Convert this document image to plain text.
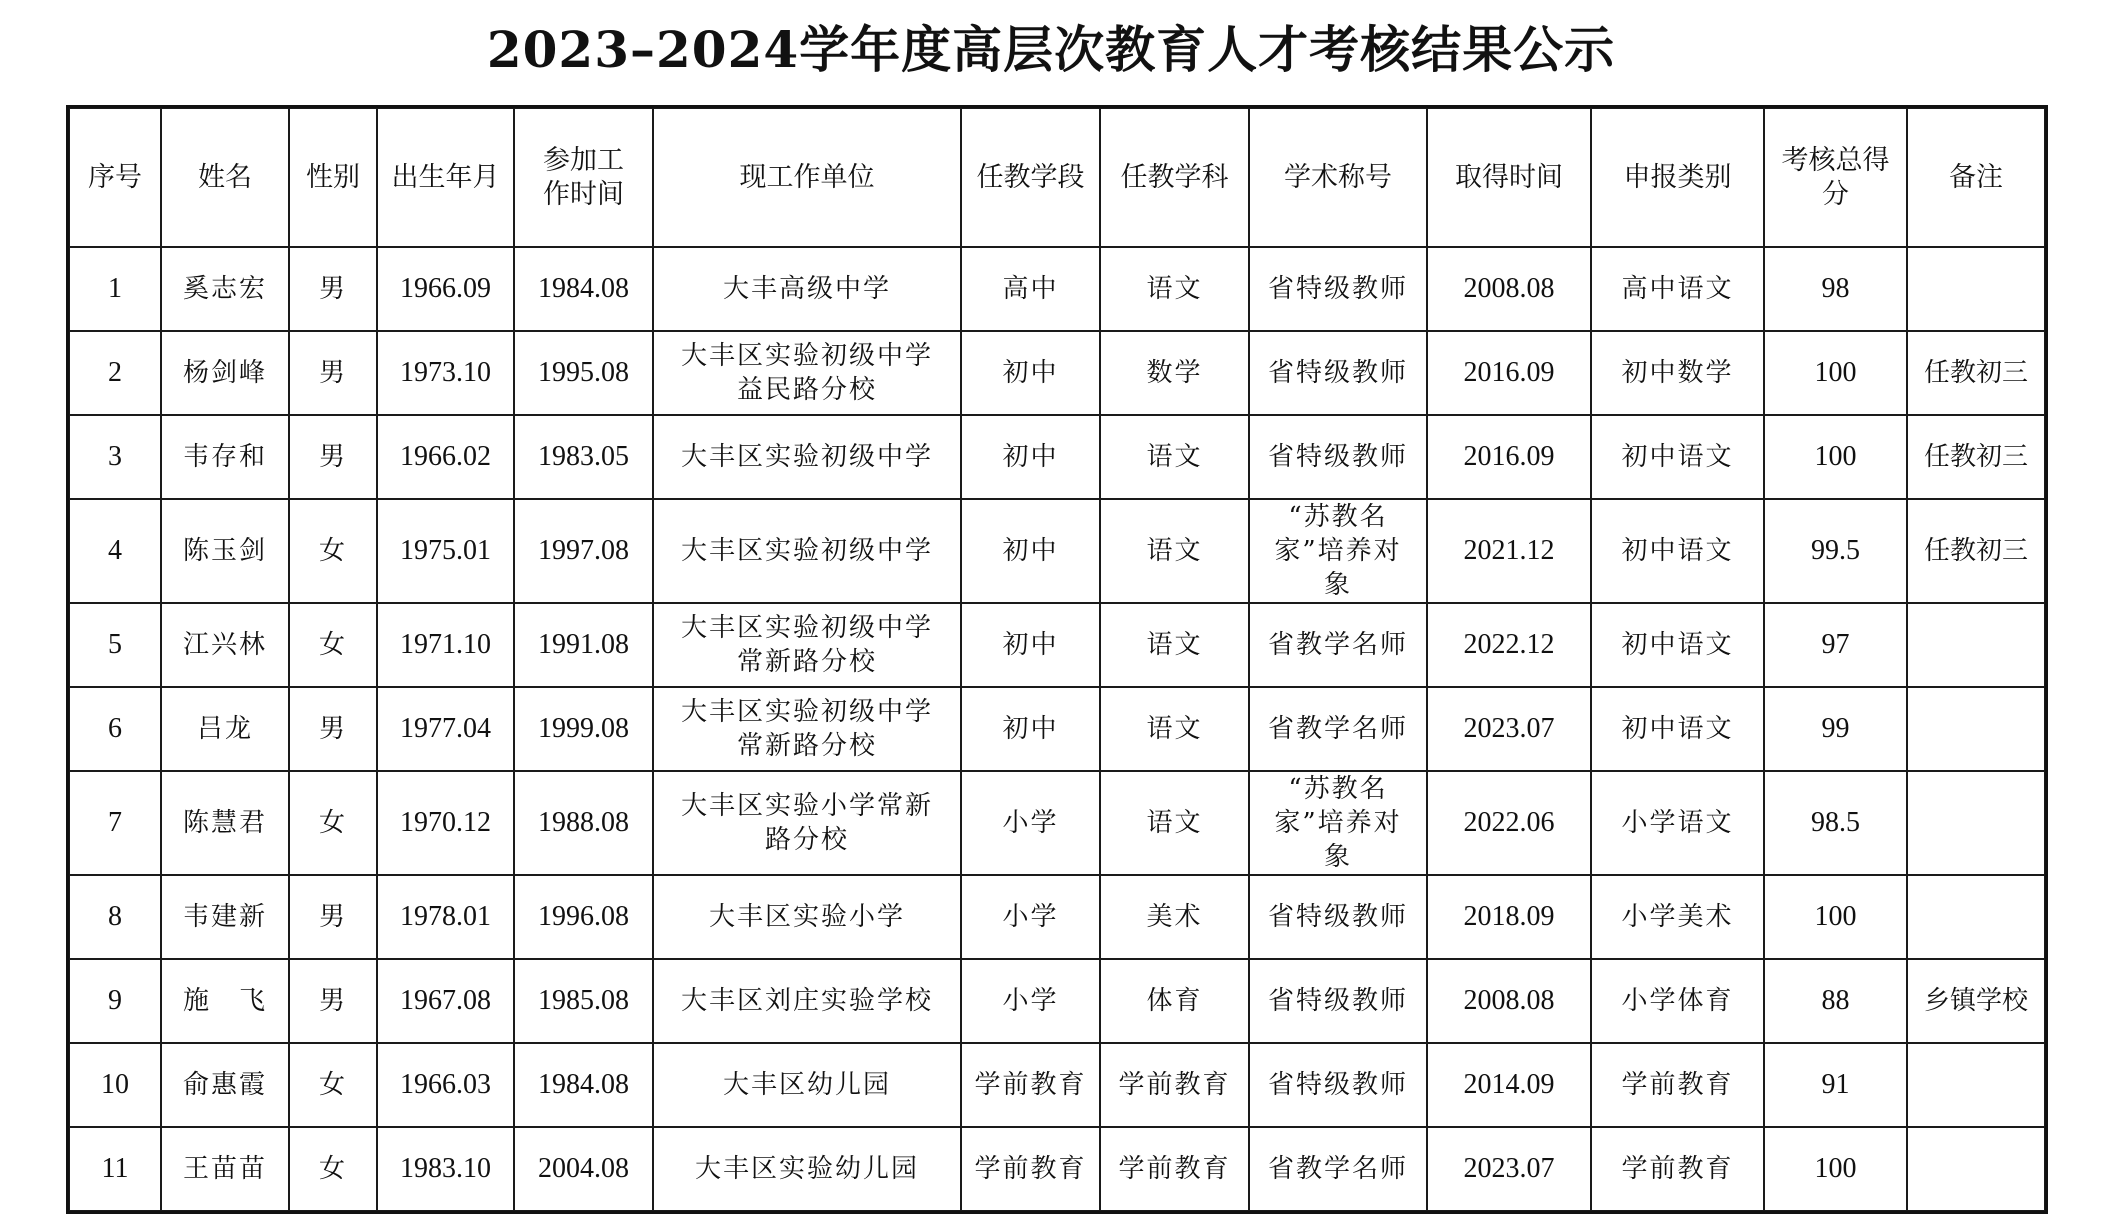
2023–2024学年度高层次教育人才考核结果公示
序号	姓名	性别	出生年月	参加工作时间	现工作单位	任教学段	任教学科	学术称号	取得时间	申报类别	考核总得分	备注
1	奚志宏	男	1966.09	1984.08	大丰高级中学	高中	语文	省特级教师	2008.08	高中语文	98	
2	杨剑峰	男	1973.10	1995.08	大丰区实验初级中学益民路分校	初中	数学	省特级教师	2016.09	初中数学	100	任教初三
3	韦存和	男	1966.02	1983.05	大丰区实验初级中学	初中	语文	省特级教师	2016.09	初中语文	100	任教初三
4	陈玉剑	女	1975.01	1997.08	大丰区实验初级中学	初中	语文	“苏教名家”培养对象	2021.12	初中语文	99.5	任教初三
5	江兴林	女	1971.10	1991.08	大丰区实验初级中学常新路分校	初中	语文	省教学名师	2022.12	初中语文	97	
6	吕龙	男	1977.04	1999.08	大丰区实验初级中学常新路分校	初中	语文	省教学名师	2023.07	初中语文	99	
7	陈慧君	女	1970.12	1988.08	大丰区实验小学常新路分校	小学	语文	“苏教名家”培养对象	2022.06	小学语文	98.5	
8	韦建新	男	1978.01	1996.08	大丰区实验小学	小学	美术	省特级教师	2018.09	小学美术	100	
9	施　飞	男	1967.08	1985.08	大丰区刘庄实验学校	小学	体育	省特级教师	2008.08	小学体育	88	乡镇学校
10	俞惠霞	女	1966.03	1984.08	大丰区幼儿园	学前教育	学前教育	省特级教师	2014.09	学前教育	91	
11	王苗苗	女	1983.10	2004.08	大丰区实验幼儿园	学前教育	学前教育	省教学名师	2023.07	学前教育	100	
